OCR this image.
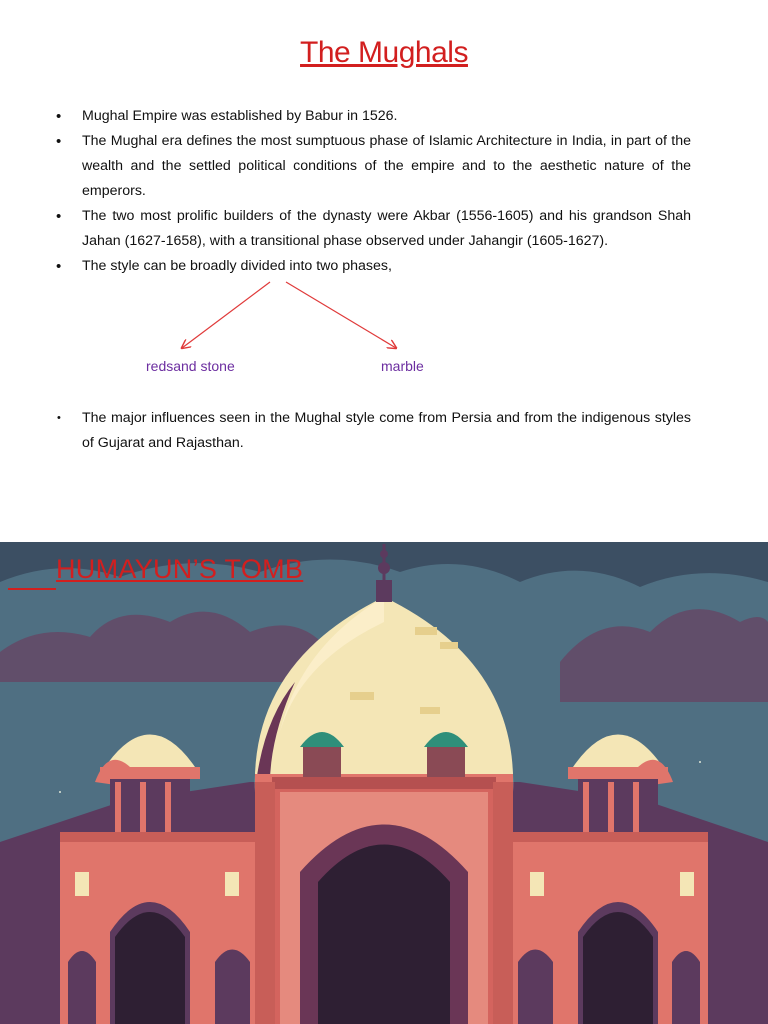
The Mughals
• Mughal Empire was established by Babur in 1526.
• The Mughal era defines the most sumptuous phase of Islamic Architecture in India, in part of the wealth and the settled political conditions of the empire and to the aesthetic nature of the emperors.
• The two most prolific builders of the dynasty were Akbar (1556-1605) and his grandson Shah Jahan (1627-1658), with a transitional phase observed under Jahangir (1605-1627).
• The style can be broadly divided into two phases,
redsand stone	marble
• The major influences seen in the Mughal style come from Persia and from the indigenous styles of Gujarat and Rajasthan.
HUMAYUN’S TOMB
